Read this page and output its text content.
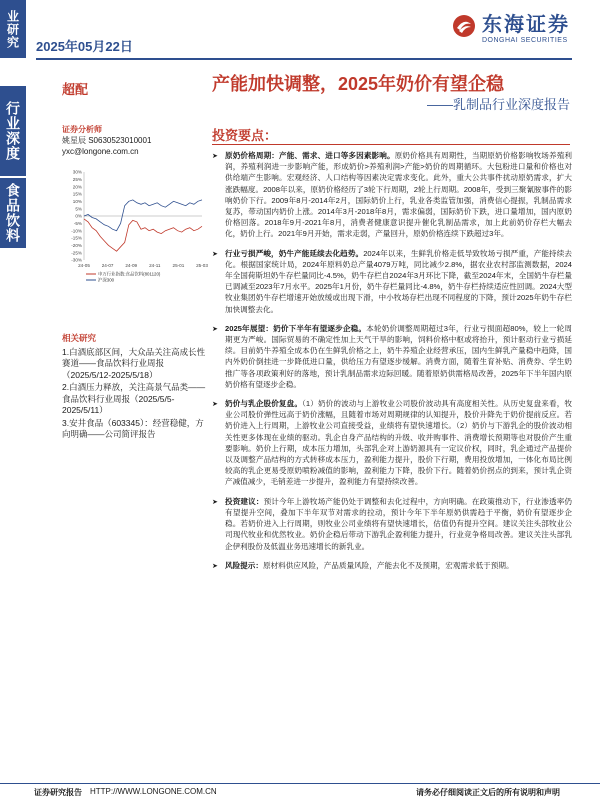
业研究
行业深度
食品饮料
2025年05月22日
东海证券
DONGHAI SECURITIES
超配	产能加快调整，2025年奶价有望企稳
——乳制品行业深度报告
证券分析师
姚星辰 S0630523010001
yxc@longone.com.cn
30%
25%
20%
15%
10%
5%
0%
-5%
-10%
-15%
-20%
-25%
-30%
24-05	24-07	24-09	24-11	25-01	25-03
申万行业指数:食品饮料(801120)
沪深300
相关研究
1.白酒底部区间，大众品关注高成长性赛道——食品饮料行业周报（2025/5/12-2025/5/18）
2.白酒压力释放，关注高景气品类——食品饮料行业周报（2025/5/5-2025/5/11）
3.安井食品（603345）：经营稳健，方向明确——公司简评报告
投资要点：
➤ 原奶价格周期：产能、需求、进口等多因素影响。原奶价格具有周期性，当期原奶价格影响牧场养殖利润，养殖利润进一步影响产能，形成奶价>养殖利润>产能>奶价的周期循环。大包粉进口量和价格也对供给端产生影响。宏观经济、人口结构等因素决定需求变化。此外，重大公共事件扰动原奶需求，扩大涨跌幅度。2008年以来，原奶价格经历了3轮下行周期，2轮上行周期。2008年，受到三聚氰胺事件的影响奶价下行。2009年8月-2014年2月，国际奶价上行，乳业各类监管加强，消费信心提振，乳制品需求复苏，带动国内奶价上涨。2014年3月-2018年8月，需求偏弱，国际奶价下跌，进口量增加，国内原奶价格回落。2018年9月-2021年8月，消费者健康意识提升催化乳制品需求，加上此前奶价存栏大幅去化，奶价上行。2021年9月开始，需求走弱，产量回升，原奶价格连续下跌超过3年。
➤ 行业亏损严峻，奶牛产能延续去化趋势。2024年以来，生鲜乳价格走低导致牧场亏损严重，产能持续去化。根据国家统计局，2024年原料奶总产量4079万吨，同比减少2.8%，据农业农村部监测数据，2024年全国荷斯坦奶牛存栏量同比-4.5%，奶牛存栏自2024年3月环比下降，截至2024年末，全国奶牛存栏量已调减至2023年7月水平。2025年1月份，奶牛存栏量同比-4.8%，奶牛存栏持续适应性回调。2024大型牧业集团奶牛存栏增速开始放缓或出现下滑，中小牧场存栏出现不同程度的下降，预计2025年奶牛存栏加快调整去化。
➤ 2025年展望：奶价下半年有望逐步企稳。本轮奶价调整周期超过3年，行业亏损面超80%，较上一轮周期更为严峻。国际贸易的不确定性加上天气干旱的影响，饲料价格中枢或将抬升，预计驱动行业亏损延续。目前奶牛养殖全成本仍在生鲜乳价格之上，奶牛养殖企业经营承压，国内生鲜乳产量稳中趋降，国内外奶价倒挂进一步降低进口量，供给压力有望逐步缓解。消费方面，随着生育补贴、消费券、学生奶推广等各项政策利好的落地，预计乳制品需求边际回暖。随着原奶供需格局改善，2025年下半年国内原奶价格有望逐步企稳。
➤ 奶价与乳企股价复盘。（1）奶价的波动与上游牧业公司股价波动具有高度相关性。从历史复盘来看，牧业公司股价弹性远高于奶价涨幅，且随着市场对周期规律的认知提升，股价升降先于奶价提前反应。若奶价进入上行周期，上游牧业公司直接受益，业绩将有望快速增长。（2）奶价与下游乳企的股价波动相关性更多体现在业绩的驱动。乳企自身产品结构的升级、收并购事件、消费增长预期等也对股价产生重要影响。奶价上行期，成本压力增加，头部乳企对上游奶源具有一定议价权，同时，乳企通过产品提价以及调整产品结构的方式转移成本压力，盈利能力提升，股价下行期，费用投放增加，一体化布局比例较高的乳企更易受原奶喷粉减值的影响，盈利能力下降，股价下行。随着奶价拐点的到来，预计乳企资产减值减少，毛销差进一步提升，盈利能力有望持续改善。
➤ 投资建议：预计今年上游牧场产能仍处于调整和去化过程中，方向明确。在政策推动下，行业渗透率仍有望提升空间，叠加下半年双节对需求的拉动，预计今年下半年原奶供需趋于平衡，奶价有望逐步企稳。若奶价进入上行周期，则牧业公司业绩将有望快速增长，估值仍有提升空间。建议关注头部牧业公司现代牧业和优然牧业。奶价企稳后带动下游乳企盈利能力提升，行业竞争格局改善。建议关注头部乳企伊利股份及低温业务迅速增长的新乳业。
➤ 风险提示：原材料供应风险，产品质量风险，产能去化不及预期，宏观需求低于预期。
证券研究报告 HTTP://WWW.LONGONE.COM.CN	请务必仔细阅读正文后的所有说明和声明
